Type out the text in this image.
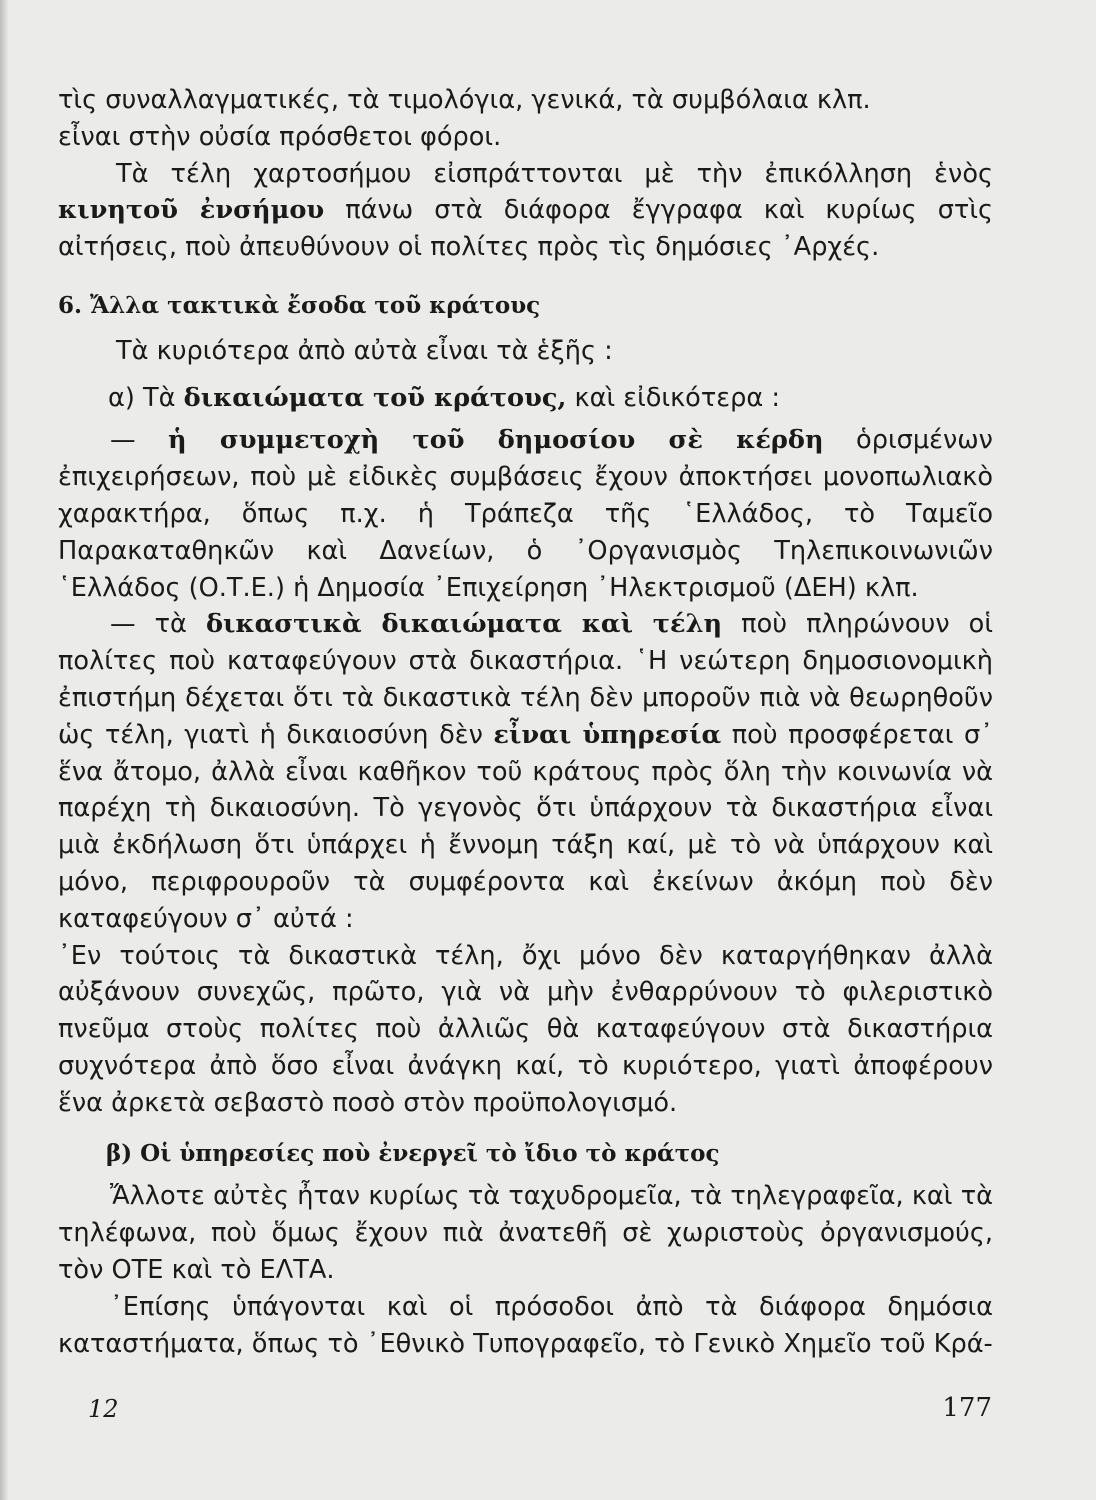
τὶς συναλλαγματικές, τὰ τιμολόγια, γενικά, τὰ συμβόλαια κλπ.

εἶναι στὴν οὐσία πρόσθετοι φόροι.

Τὰ τέλη χαρτοσήμου εἰσπράττονται μὲ τὴν ἐπικόλληση ἑνὸς κινητοῦ ἐνσήμου πάνω στὰ διάφορα ἔγγραφα καὶ κυρίως στὶς αἰτήσεις, ποὺ ἀπευθύνουν οἱ πολίτες πρὸς τὶς δημόσιες ᾿Αρχές.

6. Ἄλλα τακτικὰ ἔσοδα τοῦ κράτους

Τὰ κυριότερα ἀπὸ αὐτὰ εἶναι τὰ ἑξῆς :

α) Τὰ δικαιώματα τοῦ κράτους, καὶ εἰδικότερα :

— ἡ συμμετοχὴ τοῦ δημοσίου σὲ κέρδη ὁρισμένων ἐπιχειρήσεων, ποὺ μὲ εἰδικὲς συμβάσεις ἔχουν ἀποκτήσει μονοπωλιακὸ χαρακτήρα, ὅπως π.χ. ἡ Τράπεζα τῆς ῾Ελλάδος, τὸ Ταμεῖο Παρακαταθηκῶν καὶ Δανείων, ὁ ᾿Οργανισμὸς Τηλεπικοινωνιῶν ῾Ελλάδος (Ο.Τ.Ε.) ἡ Δημοσία ᾿Επιχείρηση ᾿Ηλεκτρισμοῦ (ΔΕΗ) κλπ.

— τὰ δικαστικὰ δικαιώματα καὶ τέλη ποὺ πληρώνουν οἱ πολίτες ποὺ καταφεύγουν στὰ δικαστήρια. ῾Η νεώτερη δημοσιονομικὴ ἐπιστήμη δέχεται ὅτι τὰ δικαστικὰ τέλη δὲν μποροῦν πιὰ νὰ θεωρηθοῦν ὡς τέλη, γιατὶ ἡ δικαιοσύνη δὲν εἶναι ὑπηρεσία ποὺ προσφέρεται σ᾿ ἕνα ἄτομο, ἀλλὰ εἶναι καθῆκον τοῦ κράτους πρὸς ὅλη τὴν κοινωνία νὰ παρέχη τὴ δικαιοσύνη. Τὸ γεγονὸς ὅτι ὑπάρχουν τὰ δικαστήρια εἶναι μιὰ ἐκδήλωση ὅτι ὑπάρχει ἡ ἔννομη τάξη καί, μὲ τὸ νὰ ὑπάρχουν καὶ μόνο, περιφρουροῦν τὰ συμφέροντα καὶ ἐκείνων ἀκόμη ποὺ δὲν καταφεύγουν σ᾿ αὐτά :

᾿Εν τούτοις τὰ δικαστικὰ τέλη, ὄχι μόνο δὲν καταργήθηκαν ἀλλὰ αὐξάνουν συνεχῶς, πρῶτο, γιὰ νὰ μὴν ἐνθαρρύνουν τὸ φιλεριστικὸ πνεῦμα στοὺς πολίτες ποὺ ἀλλιῶς θὰ καταφεύγουν στὰ δικαστήρια συχνότερα ἀπὸ ὅσο εἶναι ἀνάγκη καί, τὸ κυριότερο, γιατὶ ἀποφέρουν ἕνα ἀρκετὰ σεβαστὸ ποσὸ στὸν προϋπολογισμό.

β) Οἱ ὑπηρεσίες ποὺ ἐνεργεῖ τὸ ἴδιο τὸ κράτος

Ἄλλοτε αὐτὲς ἦταν κυρίως τὰ ταχυδρομεῖα, τὰ τηλεγραφεῖα, καὶ τὰ τηλέφωνα, ποὺ ὅμως ἔχουν πιὰ ἀνατεθῆ σὲ χωριστοὺς ὀργανισμούς, τὸν ΟΤΕ καὶ τὸ ΕΛΤΑ.

᾿Επίσης ὑπάγονται καὶ οἱ πρόσοδοι ἀπὸ τὰ διάφορα δημόσια καταστήματα, ὅπως τὸ ᾿Εθνικὸ Τυπογραφεῖο, τὸ Γενικὸ Χημεῖο τοῦ Κρά-

12	177
